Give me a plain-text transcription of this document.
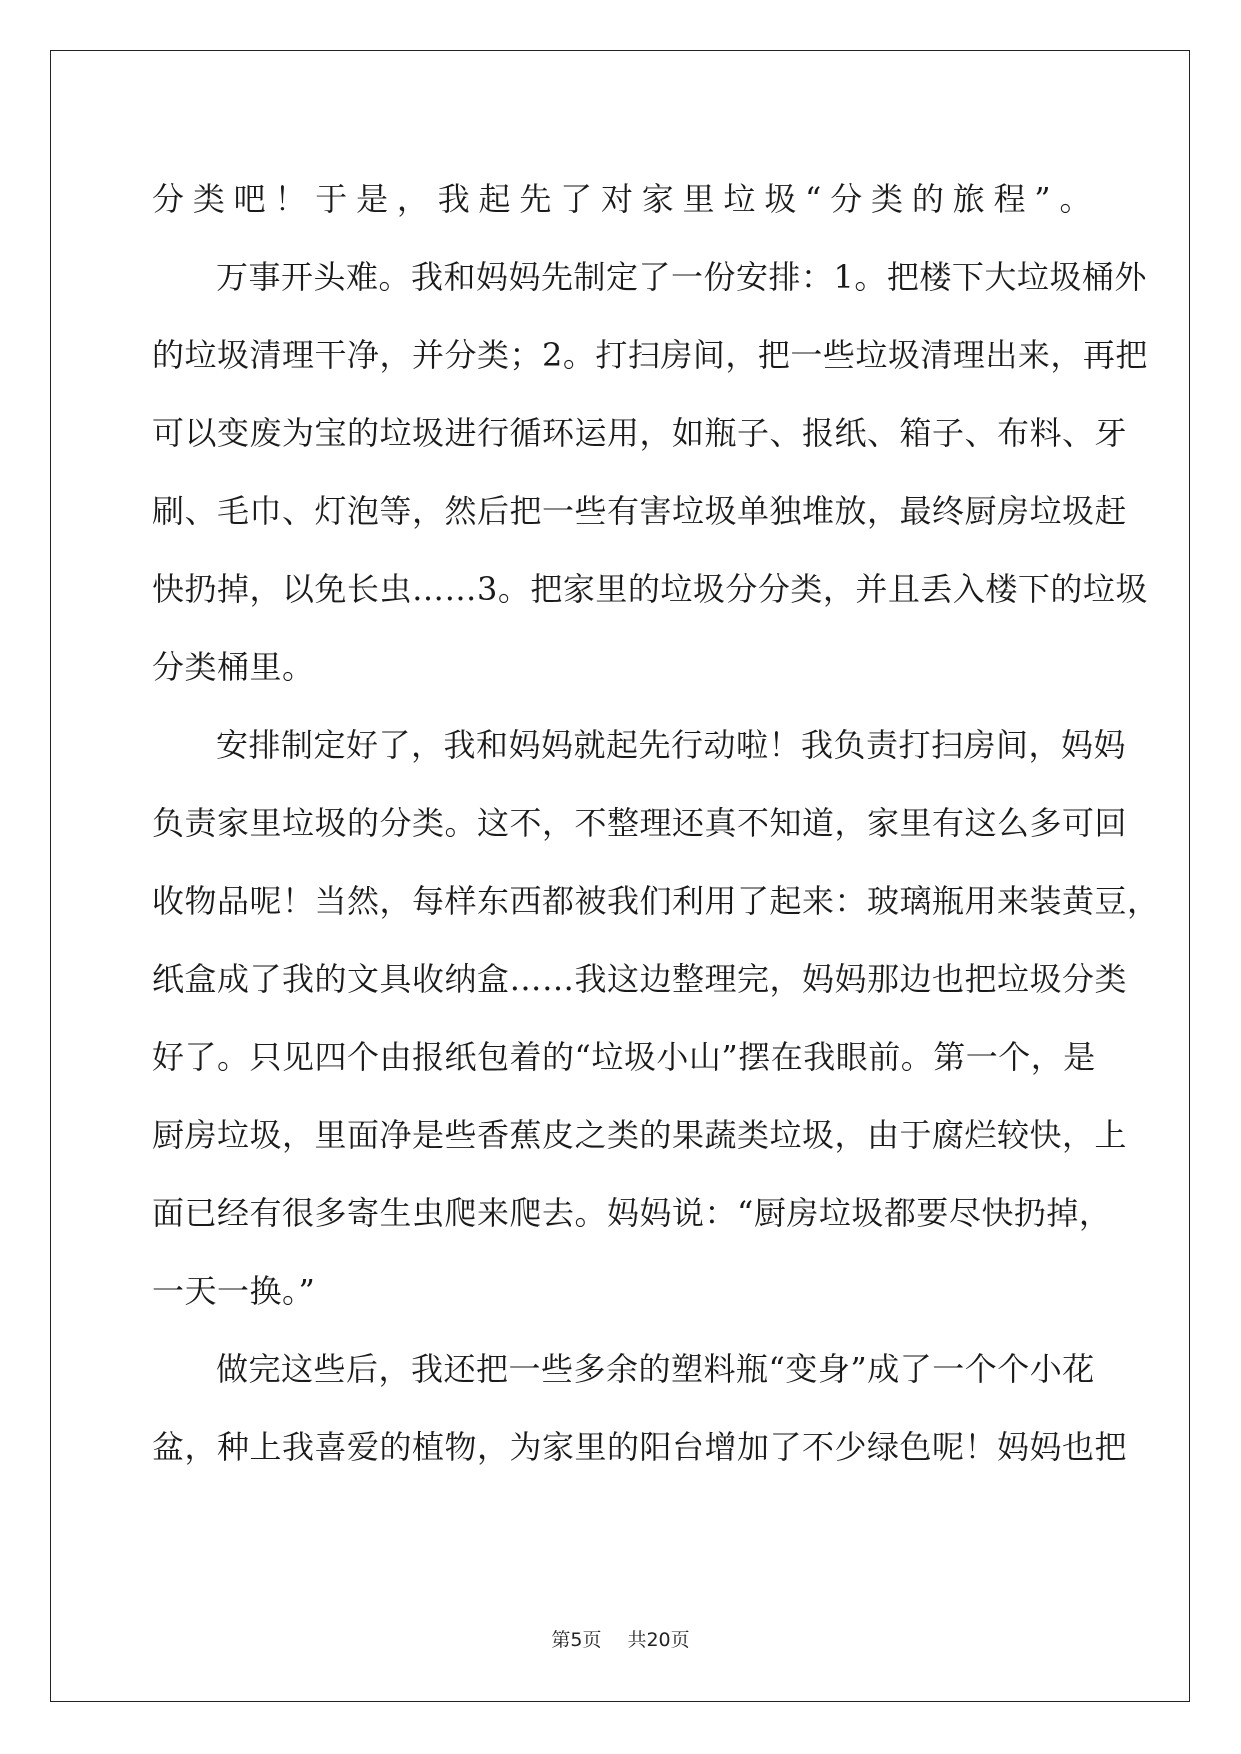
分类吧！于是，我起先了对家里垃圾“分类的旅程”。
万事开头难。我和妈妈先制定了一份安排：1。把楼下大垃圾桶外
的垃圾清理干净，并分类；2。打扫房间，把一些垃圾清理出来，再把
可以变废为宝的垃圾进行循环运用，如瓶子、报纸、箱子、布料、牙
刷、毛巾、灯泡等，然后把一些有害垃圾单独堆放，最终厨房垃圾赶
快扔掉，以免长虫……3。把家里的垃圾分分类，并且丢入楼下的垃圾
分类桶里。
安排制定好了，我和妈妈就起先行动啦！我负责打扫房间，妈妈
负责家里垃圾的分类。这不，不整理还真不知道，家里有这么多可回
收物品呢！当然，每样东西都被我们利用了起来：玻璃瓶用来装黄豆，
纸盒成了我的文具收纳盒……我这边整理完，妈妈那边也把垃圾分类
好了。只见四个由报纸包着的“垃圾小山”摆在我眼前。第一个，是
厨房垃圾，里面净是些香蕉皮之类的果蔬类垃圾，由于腐烂较快，上
面已经有很多寄生虫爬来爬去。妈妈说：“厨房垃圾都要尽快扔掉，
一天一换。”
做完这些后，我还把一些多余的塑料瓶“变身”成了一个个小花
盆，种上我喜爱的植物，为家里的阳台增加了不少绿色呢！妈妈也把
第5页 共20页
